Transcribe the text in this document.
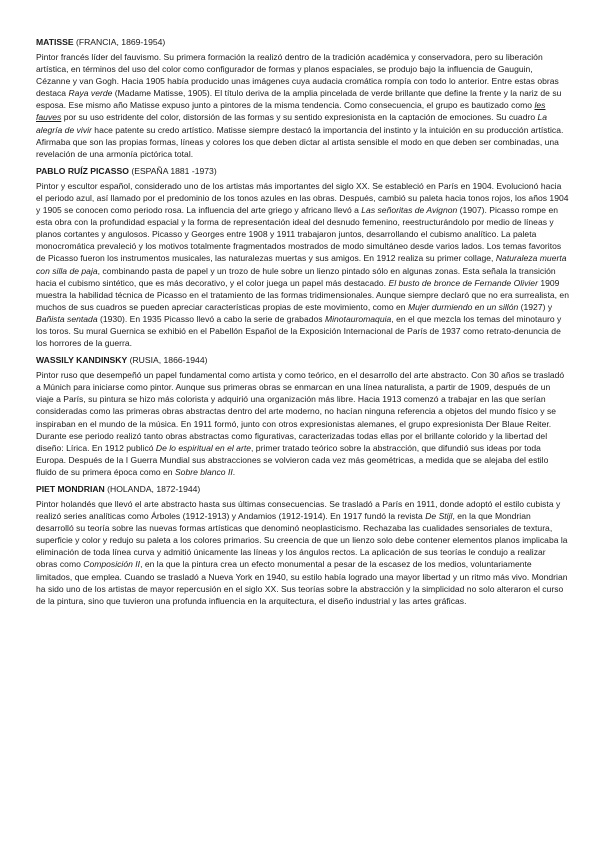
MATISSE (FRANCIA, 1869-1954)

Pintor francés líder del fauvismo. Su primera formación la realizó dentro de la tradición académica y conservadora, pero su liberación artística, en términos del uso del color como configurador de formas y planos espaciales, se produjo bajo la influencia de Gauguin, Cézanne y van Gogh. Hacia 1905 había producido unas imágenes cuya audacia cromática rompía con todo lo anterior. Entre estas obras destaca Raya verde (Madame Matisse, 1905). El título deriva de la amplia pincelada de verde brillante que define la frente y la nariz de su esposa. Ese mismo año Matisse expuso junto a pintores de la misma tendencia. Como consecuencia, el grupo es bautizado como les fauves por su uso estridente del color, distorsión de las formas y su sentido expresionista en la captación de emociones. Su cuadro La alegría de vivir hace patente su credo artístico. Matisse siempre destacó la importancia del instinto y la intuición en su producción artística. Afirmaba que son las propias formas, líneas y colores los que deben dictar al artista sensible el modo en que deben ser combinadas, una revelación de una armonía pictórica total.

PABLO RUÍZ PICASSO (ESPAÑA 1881 -1973)

Pintor y escultor español, considerado uno de los artistas más importantes del siglo XX. Se estableció en París en 1904. Evolucionó hacia el periodo azul, así llamado por el predominio de los tonos azules en las obras. Después, cambió su paleta hacia tonos rojos, los años 1904 y 1905 se conocen como periodo rosa. La influencia del arte griego y africano llevó a Las señoritas de Avignon (1907). Picasso rompe en esta obra con la profundidad espacial y la forma de representación ideal del desnudo femenino, reestructurándolo por medio de líneas y planos cortantes y angulosos. Picasso y Georges entre 1908 y 1911 trabajaron juntos, desarrollando el cubismo analítico. La paleta monocromática prevaleció y los motivos totalmente fragmentados mostrados de modo simultáneo desde varios lados. Los temas favoritos de Picasso fueron los instrumentos musicales, las naturalezas muertas y sus amigos. En 1912 realiza su primer collage, Naturaleza muerta con silla de paja, combinando pasta de papel y un trozo de hule sobre un lienzo pintado sólo en algunas zonas. Esta señala la transición hacia el cubismo sintético, que es más decorativo, y el color juega un papel más destacado. El busto de bronce de Fernande Olivier 1909 muestra la habilidad técnica de Picasso en el tratamiento de las formas tridimensionales. Aunque siempre declaró que no era surrealista, en muchos de sus cuadros se pueden apreciar características propias de este movimiento, como en Mujer durmiendo en un sillón (1927) y Bañista sentada (1930). En 1935 Picasso llevó a cabo la serie de grabados Minotauromaquia, en el que mezcla los temas del minotauro y los toros. Su mural Guernica se exhibió en el Pabellón Español de la Exposición Internacional de París de 1937 como retrato-denuncia de los horrores de la guerra.

WASSILY KANDINSKY (RUSIA, 1866-1944)

Pintor ruso que desempeñó un papel fundamental como artista y como teórico, en el desarrollo del arte abstracto. Con 30 años se trasladó a Múnich para iniciarse como pintor. Aunque sus primeras obras se enmarcan en una línea naturalista, a partir de 1909, después de un viaje a París, su pintura se hizo más colorista y adquirió una organización más libre. Hacia 1913 comenzó a trabajar en las que serían consideradas como las primeras obras abstractas dentro del arte moderno, no hacían ninguna referencia a objetos del mundo físico y se inspiraban en el mundo de la música. En 1911 formó, junto con otros expresionistas alemanes, el grupo expresionista Der Blaue Reiter. Durante ese periodo realizó tanto obras abstractas como figurativas, caracterizadas todas ellas por el brillante colorido y la libertad del diseño: Lírica. En 1912 publicó De lo espiritual en el arte, primer tratado teórico sobre la abstracción, que difundió sus ideas por toda Europa. Después de la I Guerra Mundial sus abstracciones se volvieron cada vez más geométricas, a medida que se alejaba del estilo fluido de su primera época como en Sobre blanco II.

PIET MONDRIAN (HOLANDA, 1872-1944)

Pintor holandés que llevó el arte abstracto hasta sus últimas consecuencias. Se trasladó a París en 1911, donde adoptó el estilo cubista y realizó series analíticas como Árboles (1912-1913) y Andamios (1912-1914). En 1917 fundó la revista De Stijl, en la que Mondrian desarrolló su teoría sobre las nuevas formas artísticas que denominó neoplasticismo. Rechazaba las cualidades sensoriales de textura, superficie y color y redujo su paleta a los colores primarios. Su creencia de que un lienzo solo debe contener elementos planos implicaba la eliminación de toda línea curva y admitió únicamente las líneas y los ángulos rectos. La aplicación de sus teorías le condujo a realizar obras como Composición II, en la que la pintura crea un efecto monumental a pesar de la escasez de los medios, voluntariamente limitados, que emplea. Cuando se trasladó a Nueva York en 1940, su estilo había logrado una mayor libertad y un ritmo más vivo. Mondrian ha sido uno de los artistas de mayor repercusión en el siglo XX. Sus teorías sobre la abstracción y la simplicidad no solo alteraron el curso de la pintura, sino que tuvieron una profunda influencia en la arquitectura, el diseño industrial y las artes gráficas.
